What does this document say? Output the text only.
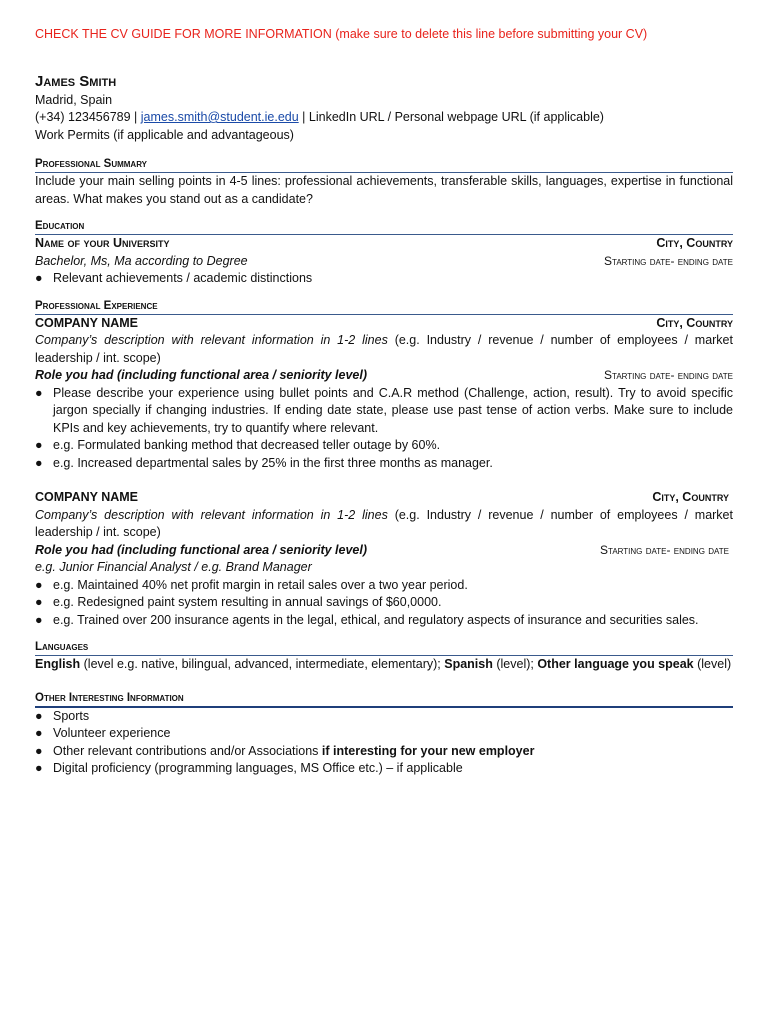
CHECK THE CV GUIDE FOR MORE INFORMATION (make sure to delete this line before submitting your CV)
James Smith
Madrid, Spain
(+34) 123456789 | james.smith@student.ie.edu | LinkedIn URL / Personal webpage URL (if applicable)
Work Permits (if applicable and advantageous)
Professional Summary
Include your main selling points in 4-5 lines: professional achievements, transferable skills, languages, expertise in functional areas. What makes you stand out as a candidate?
Education
Name of your University	City, Country
Bachelor, Ms, Ma according to Degree	Starting date- ending date
● Relevant achievements / academic distinctions
Professional Experience
COMPANY NAME	City, Country
Company’s description with relevant information in 1-2 lines (e.g. Industry / revenue / number of employees / market leadership / int. scope)
Role you had (including functional area / seniority level)	Starting date- ending date
● Please describe your experience using bullet points and C.A.R method (Challenge, action, result). Try to avoid specific jargon specially if changing industries. If ending date state, please use past tense of action verbs. Make sure to include KPIs and key achievements, try to quantify where relevant.
● e.g. Formulated banking method that decreased teller outage by 60%.
● e.g. Increased departmental sales by 25% in the first three months as manager.
COMPANY NAME	City, Country
Company’s description with relevant information in 1-2 lines (e.g. Industry / revenue / number of employees / market leadership / int. scope)
Role you had (including functional area / seniority level)	Starting date- ending date
e.g. Junior Financial Analyst / e.g. Brand Manager
● e.g. Maintained 40% net profit margin in retail sales over a two year period.
● e.g. Redesigned paint system resulting in annual savings of $60,0000.
● e.g. Trained over 200 insurance agents in the legal, ethical, and regulatory aspects of insurance and securities sales.
Languages
English (level e.g. native, bilingual, advanced, intermediate, elementary); Spanish (level); Other language you speak (level)
Other Interesting Information
● Sports
● Volunteer experience
● Other relevant contributions and/or Associations if interesting for your new employer
● Digital proficiency (programming languages, MS Office etc.) – if applicable
